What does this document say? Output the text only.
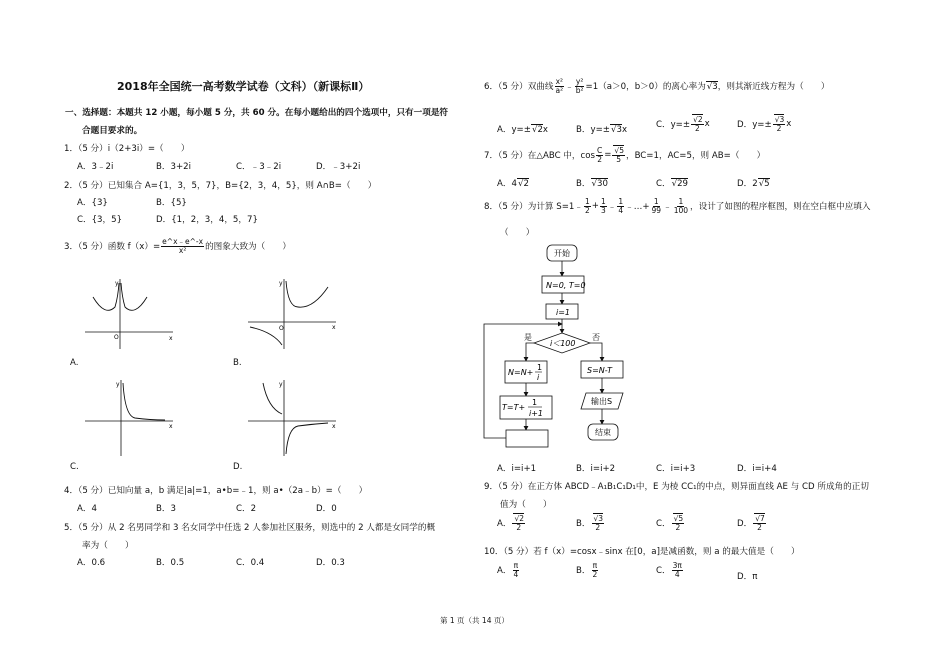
2018年全国统一高考数学试卷（文科）（新课标Ⅱ）
一、选择题：本题共 12 小题，每小题 5 分，共 60 分。在每小题给出的四个选项中，只有一项是符
合题目要求的。
1．（5 分）i（2+3i）=（　　）
A．3﹣2i	B．3+2i	C．﹣3﹣2i	D．﹣3+2i
2．（5 分）已知集合 A={1，3，5，7}，B={2，3，4，5}，则 A∩B=（　　）
A．{3}	B．{5}
C．{3，5}	D．{1，2，3，4，5，7}
3．（5 分）函数 $f(x)= \frac{e\^{}x﹣e\^{}-x}{\text{x²}}$ 的图象大致为（　　）
O
y
x
A.
O
y
x
B.
y
x
C.
y
x
D.
4．（5 分）已知向量 a，b 满足|a|=1，a•b=﹣1，则 a•（2a﹣b）=（　　）
A．4	B．3	C．2	D．0
5．（5 分）从 2 名男同学和 3 名女同学中任选 2 人参加社区服务，则选中的 2 人都是女同学的概
率为（　　）
A．0.6	B．0.5	C．0.4	D．0.3
6．（5 分）双曲线 $\frac{\text{x²}}{\text{a²}}$ ﹣ $\frac{\text{y²}}{\text{b²}} =1(a>0$，b＞0）的离心率为 √ 3 ，则其渐近线方程为（　　）
A．y=± √ 2x	B．y=± √ 3x	C．y=± √ $\frac{2}{2}$ x	D．y=± √ $\frac{3}{2}$ x
7．（5 分）在△ABC 中，$\cos \frac{C}{2}$ = √ $\frac{5}{5}$ ，BC=1，AC=5，则 AB=（　　）
A．4 √ 2	B． √ 30	C． √ 29	D．2 √ 5
8．（5 分）为计算 S=1﹣ $\frac{1}{2} + \frac{1}{3}$ ﹣ $\frac{1}{4}$ ﹣…+ $\frac{1}{99}$ ﹣ $\frac{1}{100}$ ，设计了如图的程序框图，则在空白框中应填入
（　　）
开始
N=0, T=0
i=1
i＜100
是	否
N=N+
1
i
T=T+
1
i+1
S=N-T
输出S
结束
A．i=i+1	B．i=i+2	C．i=i+3	D．i=i+4
9．（5 分）在正方体 ABCD﹣A₁B₁C₁D₁中，E 为棱 CC₁的中点，则异面直线 AE 与 CD 所成角的正切
值为（　　）
A． √ $\frac{2}{2}$	B． √ $\frac{3}{2}$	C． √ $\frac{5}{2}$	D． √ $\frac{7}{2}$
10．（5 分）若 f（x）=cosx﹣sinx 在[0，a]是减函数，则 a 的最大值是（　　）
A． $\frac{\pi}{4}$	B． $\frac{\pi}{2}$	C． $\frac{3\pi}{4}$	D．π
第 1 页（共 14 页）
